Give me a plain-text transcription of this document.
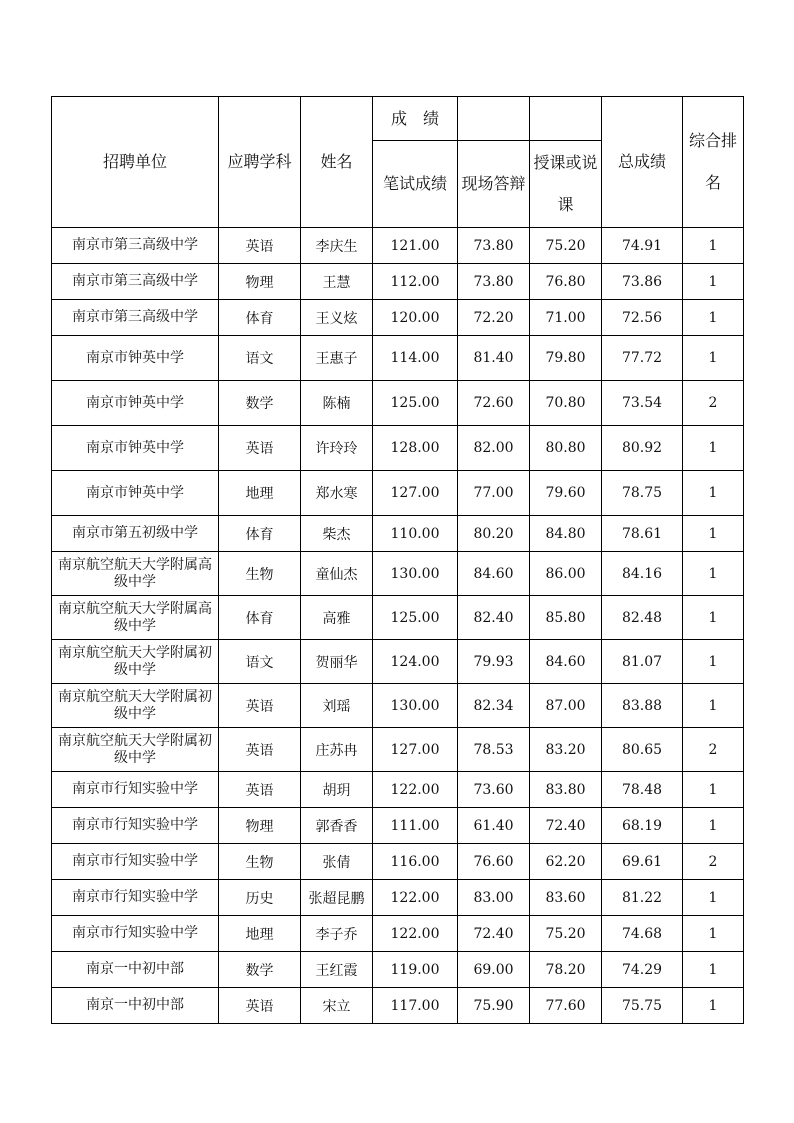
招聘单位	应聘学科	姓名	成　绩			总成绩	综合排名
			笔试成绩	现场答辩	授课或说课		
南京市第三高级中学	英语	李庆生	121.00	73.80	75.20	74.91	1
南京市第三高级中学	物理	王慧	112.00	73.80	76.80	73.86	1
南京市第三高级中学	体育	王义炫	120.00	72.20	71.00	72.56	1
南京市钟英中学	语文	王惠子	114.00	81.40	79.80	77.72	1
南京市钟英中学	数学	陈楠	125.00	72.60	70.80	73.54	2
南京市钟英中学	英语	许玲玲	128.00	82.00	80.80	80.92	1
南京市钟英中学	地理	郑水寒	127.00	77.00	79.60	78.75	1
南京市第五初级中学	体育	柴杰	110.00	80.20	84.80	78.61	1
南京航空航天大学附属高级中学	生物	童仙杰	130.00	84.60	86.00	84.16	1
南京航空航天大学附属高级中学	体育	高雅	125.00	82.40	85.80	82.48	1
南京航空航天大学附属初级中学	语文	贺丽华	124.00	79.93	84.60	81.07	1
南京航空航天大学附属初级中学	英语	刘瑶	130.00	82.34	87.00	83.88	1
南京航空航天大学附属初级中学	英语	庄苏冉	127.00	78.53	83.20	80.65	2
南京市行知实验中学	英语	胡玥	122.00	73.60	83.80	78.48	1
南京市行知实验中学	物理	郭香香	111.00	61.40	72.40	68.19	1
南京市行知实验中学	生物	张倩	116.00	76.60	62.20	69.61	2
南京市行知实验中学	历史	张超昆鹏	122.00	83.00	83.60	81.22	1
南京市行知实验中学	地理	李子乔	122.00	72.40	75.20	74.68	1
南京一中初中部	数学	王红霞	119.00	69.00	78.20	74.29	1
南京一中初中部	英语	宋立	117.00	75.90	77.60	75.75	1
